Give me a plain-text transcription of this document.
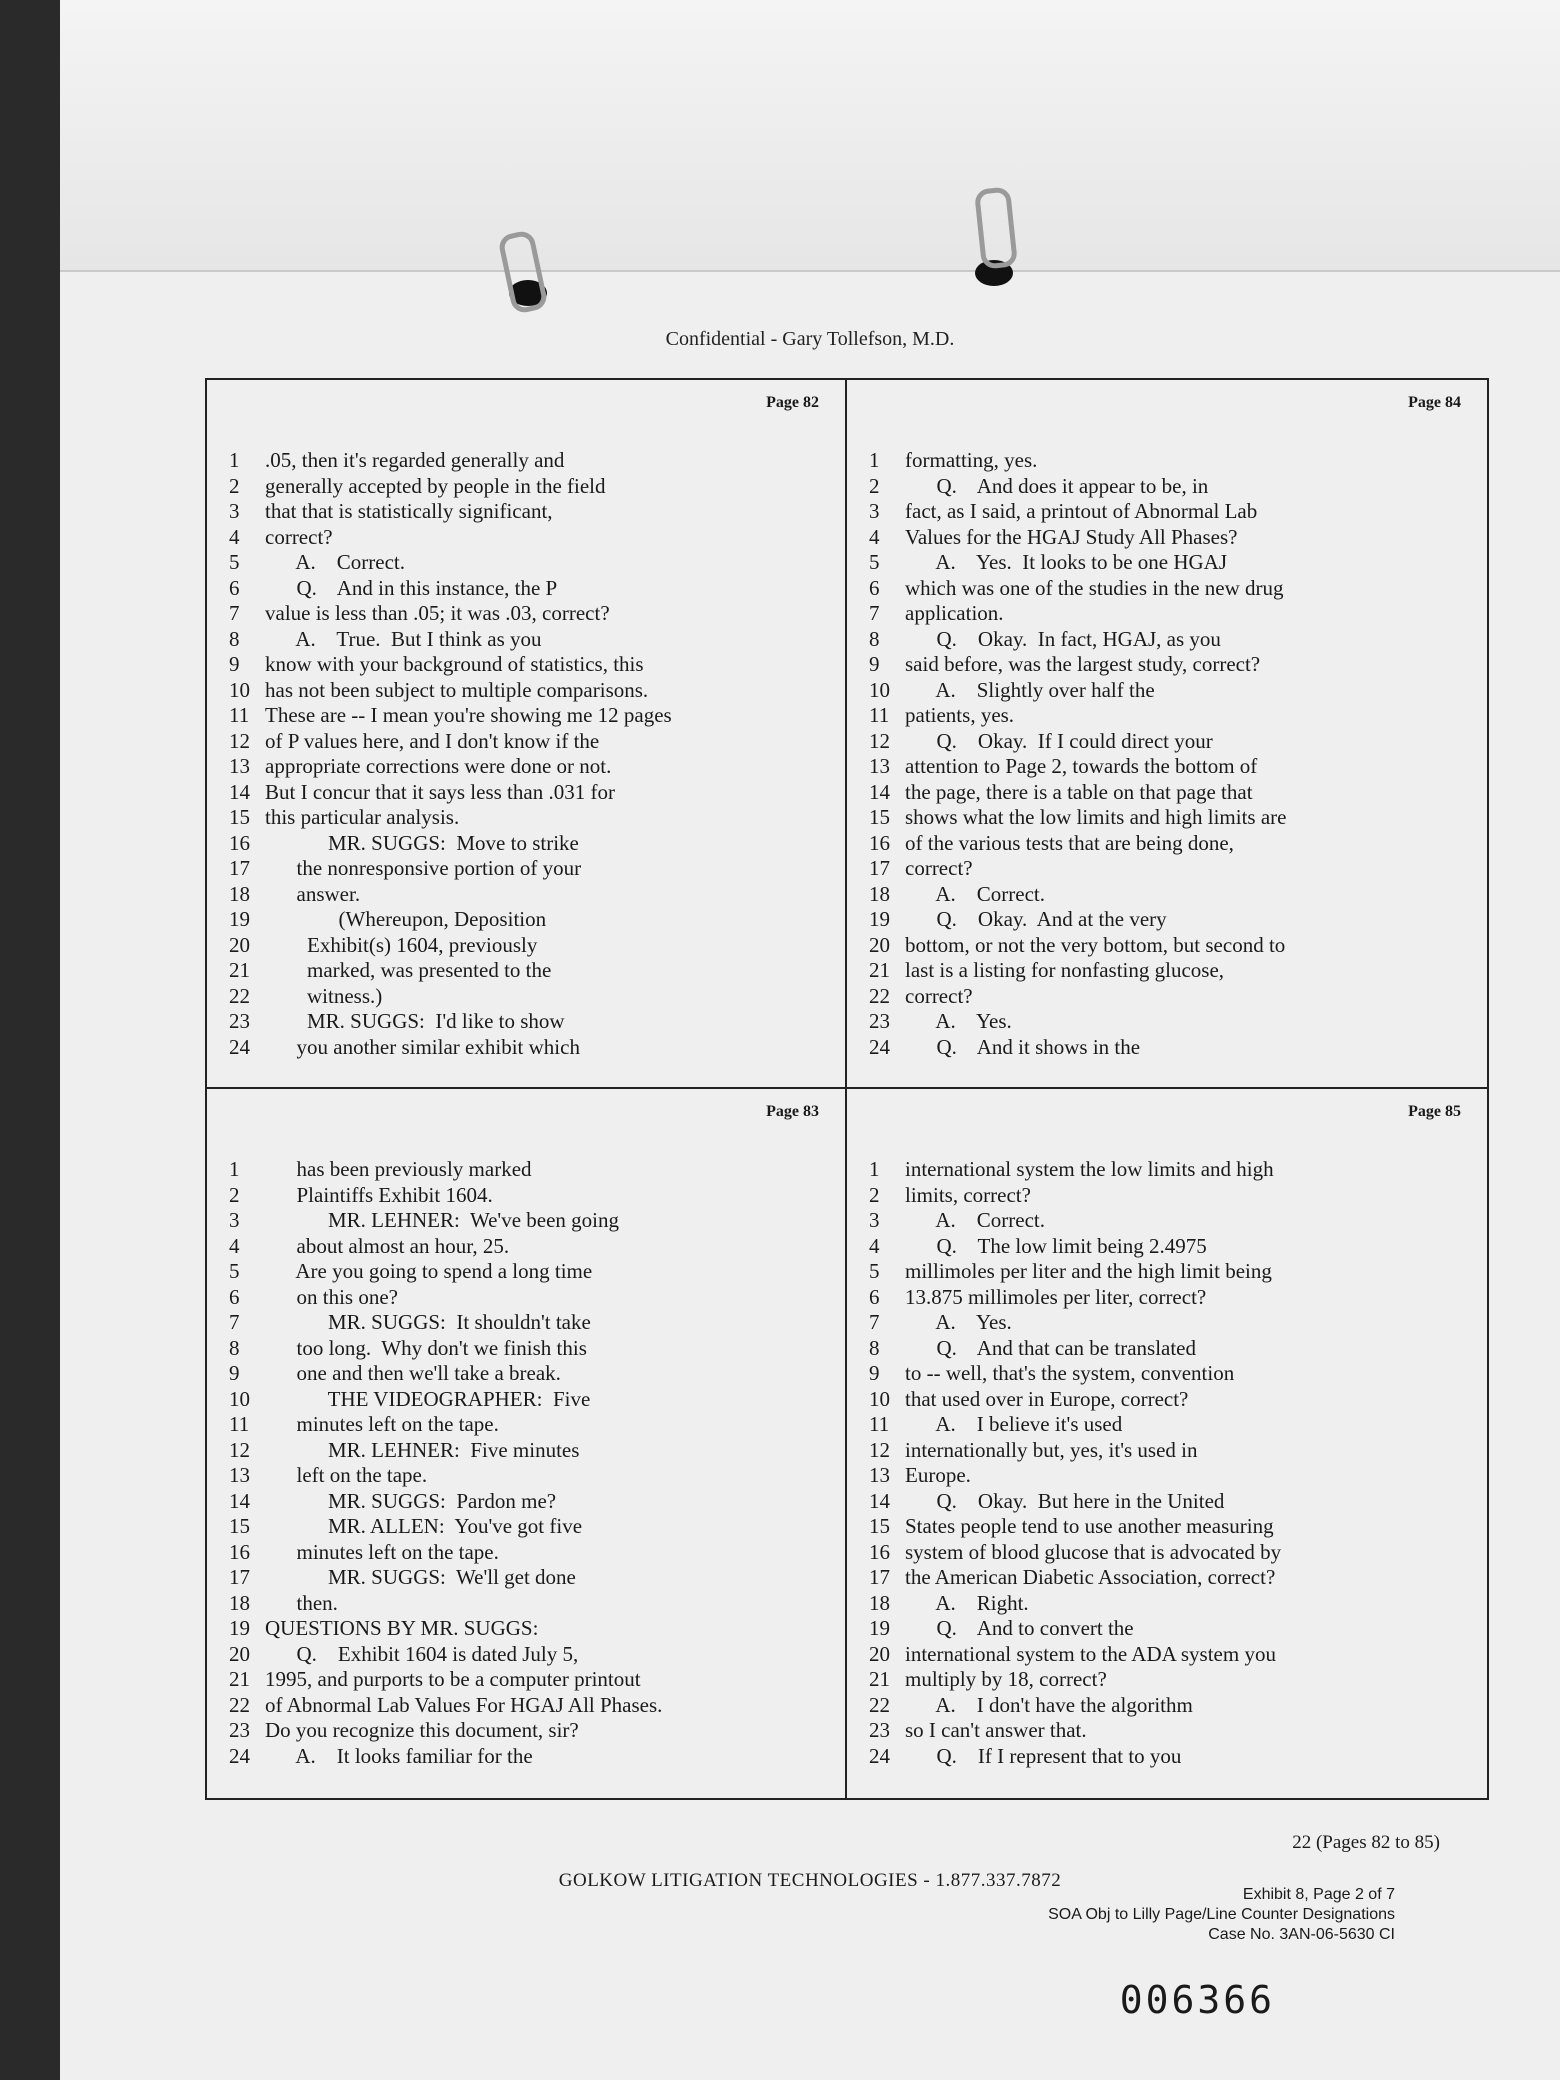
Confidential - Gary Tollefson, M.D.
Page 82
1	.05, then it's regarded generally and
2	generally accepted by people in the field
3	that that is statistically significant,
4	correct?
5	A.    Correct.
6	Q.    And in this instance, the P
7	value is less than .05; it was .03, correct?
8	A.    True.  But I think as you
9	know with your background of statistics, this
10 has not been subject to multiple comparisons.
11 These are -- I mean you're showing me 12 pages
12 of P values here, and I don't know if the
13 appropriate corrections were done or not.
14 But I concur that it says less than .031 for
15 this particular analysis.
16 MR. SUGGS:  Move to strike
17 the nonresponsive portion of your
18 answer.
19 (Whereupon, Deposition
20 Exhibit(s) 1604, previously
21 marked, was presented to the
22 witness.)
23 MR. SUGGS:  I'd like to show
24 you another similar exhibit which
Page 84
1	formatting, yes.
2	Q.    And does it appear to be, in
3	fact, as I said, a printout of Abnormal Lab
4	Values for the HGAJ Study All Phases?
5	A.    Yes.  It looks to be one HGAJ
6	which was one of the studies in the new drug
7	application.
8	Q.    Okay.  In fact, HGAJ, as you
9	said before, was the largest study, correct?
10 A.    Slightly over half the
11 patients, yes.
12 Q.    Okay.  If I could direct your
13 attention to Page 2, towards the bottom of
14 the page, there is a table on that page that
15 shows what the low limits and high limits are
16 of the various tests that are being done,
17 correct?
18 A.    Correct.
19 Q.    Okay.  And at the very
20 bottom, or not the very bottom, but second to
21 last is a listing for nonfasting glucose,
22 correct?
23 A.    Yes.
24 Q.    And it shows in the
Page 83
1	has been previously marked
2	Plaintiffs Exhibit 1604.
3	MR. LEHNER:  We've been going
4	about almost an hour, 25.
5	Are you going to spend a long time
6	on this one?
7	MR. SUGGS:  It shouldn't take
8	too long.  Why don't we finish this
9	one and then we'll take a break.
10 THE VIDEOGRAPHER:  Five
11 minutes left on the tape.
12 MR. LEHNER:  Five minutes
13 left on the tape.
14 MR. SUGGS:  Pardon me?
15 MR. ALLEN:  You've got five
16 minutes left on the tape.
17 MR. SUGGS:  We'll get done
18 then.
19 QUESTIONS BY MR. SUGGS:
20 Q.    Exhibit 1604 is dated July 5,
21 1995, and purports to be a computer printout
22 of Abnormal Lab Values For HGAJ All Phases.
23 Do you recognize this document, sir?
24 A.    It looks familiar for the
Page 85
1	international system the low limits and high
2	limits, correct?
3	A.    Correct.
4	Q.    The low limit being 2.4975
5	millimoles per liter and the high limit being
6	13.875 millimoles per liter, correct?
7	A.    Yes.
8	Q.    And that can be translated
9	to -- well, that's the system, convention
10 that used over in Europe, correct?
11 A.    I believe it's used
12 internationally but, yes, it's used in
13 Europe.
14 Q.    Okay.  But here in the United
15 States people tend to use another measuring
16 system of blood glucose that is advocated by
17 the American Diabetic Association, correct?
18 A.    Right.
19 Q.    And to convert the
20 international system to the ADA system you
21 multiply by 18, correct?
22 A.    I don't have the algorithm
23 so I can't answer that.
24 Q.    If I represent that to you
22 (Pages 82 to 85)
GOLKOW LITIGATION TECHNOLOGIES - 1.877.337.7872
Exhibit 8, Page 2 of 7
SOA Obj to Lilly Page/Line Counter Designations
Case No. 3AN-06-5630 CI
006366
